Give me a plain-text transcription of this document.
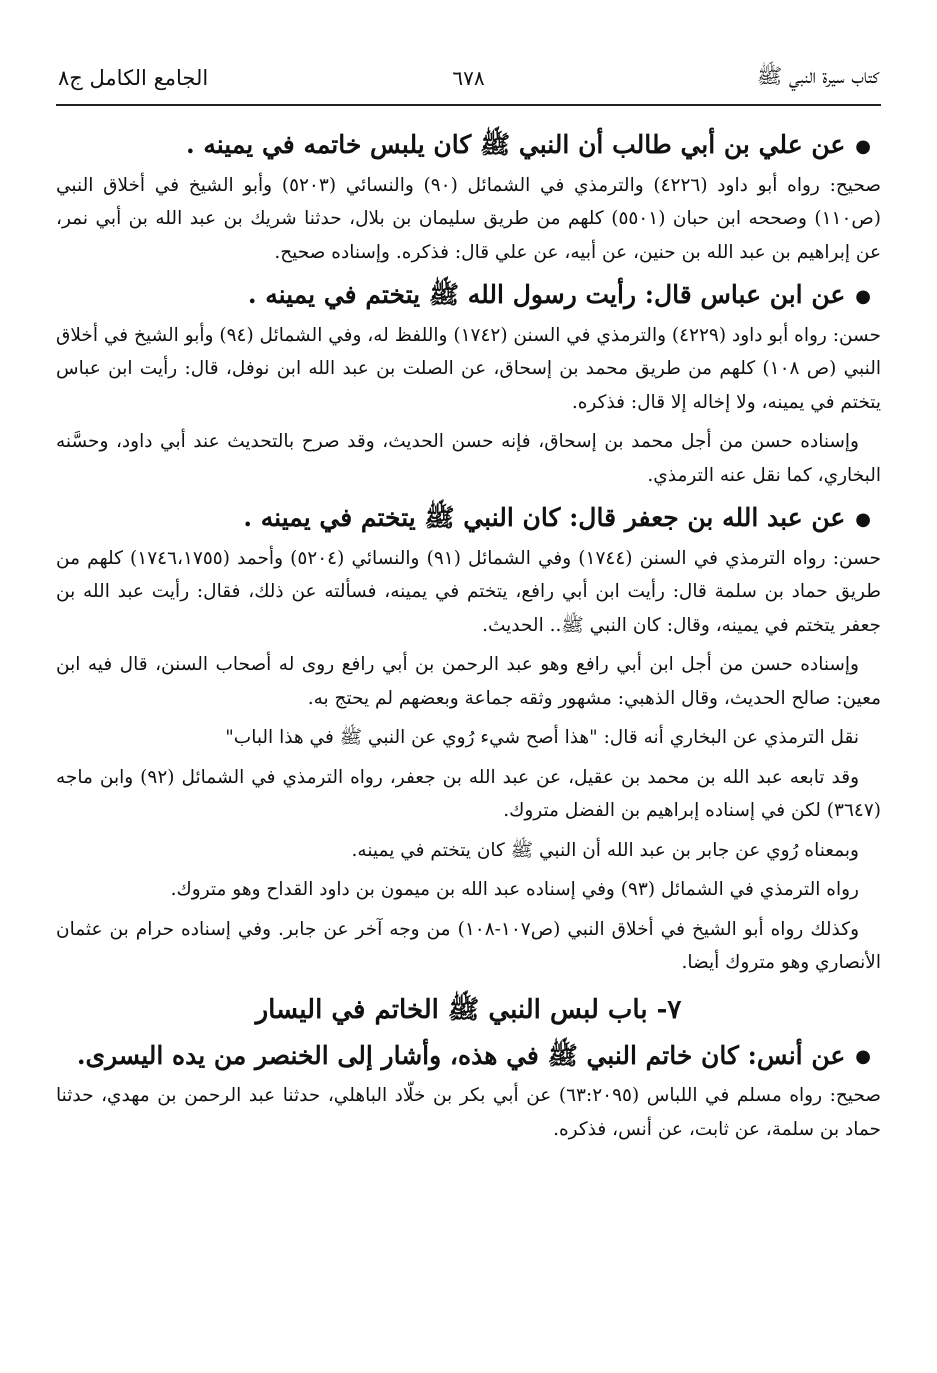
كتاب سيرة النبي ﷺ
٦٧٨
الجامع الكامل ج٨
●عن علي بن أبي طالب أن النبي ﷺ كان يلبس خاتمه في يمينه .
صحيح: رواه أبو داود (٤٢٢٦) والترمذي في الشمائل (٩٠) والنسائي (٥٢٠٣) وأبو الشيخ في أخلاق النبي (ص١١٠) وصححه ابن حبان (٥٥٠١) كلهم من طريق سليمان بن بلال، حدثنا شريك بن عبد الله بن أبي نمر، عن إبراهيم بن عبد الله بن حنين، عن أبيه، عن علي قال: فذكره. وإسناده صحيح.
●عن ابن عباس قال: رأيت رسول الله ﷺ يتختم في يمينه .
حسن: رواه أبو داود (٤٢٢٩) والترمذي في السنن (١٧٤٢) واللفظ له، وفي الشمائل (٩٤) وأبو الشيخ في أخلاق النبي (ص ١٠٨) كلهم من طريق محمد بن إسحاق، عن الصلت بن عبد الله ابن نوفل، قال: رأيت ابن عباس يتختم في يمينه، ولا إخاله إلا قال: فذكره.
وإسناده حسن من أجل محمد بن إسحاق، فإنه حسن الحديث، وقد صرح بالتحديث عند أبي داود، وحسَّنه البخاري، كما نقل عنه الترمذي.
●عن عبد الله بن جعفر قال: كان النبي ﷺ يتختم في يمينه .
حسن: رواه الترمذي في السنن (١٧٤٤) وفي الشمائل (٩١) والنسائي (٥٢٠٤) وأحمد (١٧٤٦،١٧٥٥) كلهم من طريق حماد بن سلمة قال: رأيت ابن أبي رافع، يتختم في يمينه، فسألته عن ذلك، فقال: رأيت عبد الله بن جعفر يتختم في يمينه، وقال: كان النبي ﷺ.. الحديث.
وإسناده حسن من أجل ابن أبي رافع وهو عبد الرحمن بن أبي رافع روى له أصحاب السنن، قال فيه ابن معين: صالح الحديث، وقال الذهبي: مشهور وثقه جماعة وبعضهم لم يحتج به.
نقل الترمذي عن البخاري أنه قال: "هذا أصح شيء رُوي عن النبي ﷺ في هذا الباب"
وقد تابعه عبد الله بن محمد بن عقيل، عن عبد الله بن جعفر، رواه الترمذي في الشمائل (٩٢) وابن ماجه (٣٦٤٧) لكن في إسناده إبراهيم بن الفضل متروك.
وبمعناه رُوي عن جابر بن عبد الله أن النبي ﷺ كان يتختم في يمينه.
رواه الترمذي في الشمائل (٩٣) وفي إسناده عبد الله بن ميمون بن داود القداح وهو متروك.
وكذلك رواه أبو الشيخ في أخلاق النبي (ص١٠٧-١٠٨) من وجه آخر عن جابر. وفي إسناده حرام بن عثمان الأنصاري وهو متروك أيضا.
٧- باب لبس النبي ﷺ الخاتم في اليسار
●عن أنس: كان خاتم النبي ﷺ في هذه، وأشار إلى الخنصر من يده اليسرى.
صحيح: رواه مسلم في اللباس (٦٣:٢٠٩٥) عن أبي بكر بن خلّاد الباهلي، حدثنا عبد الرحمن بن مهدي، حدثنا حماد بن سلمة، عن ثابت، عن أنس، فذكره.
